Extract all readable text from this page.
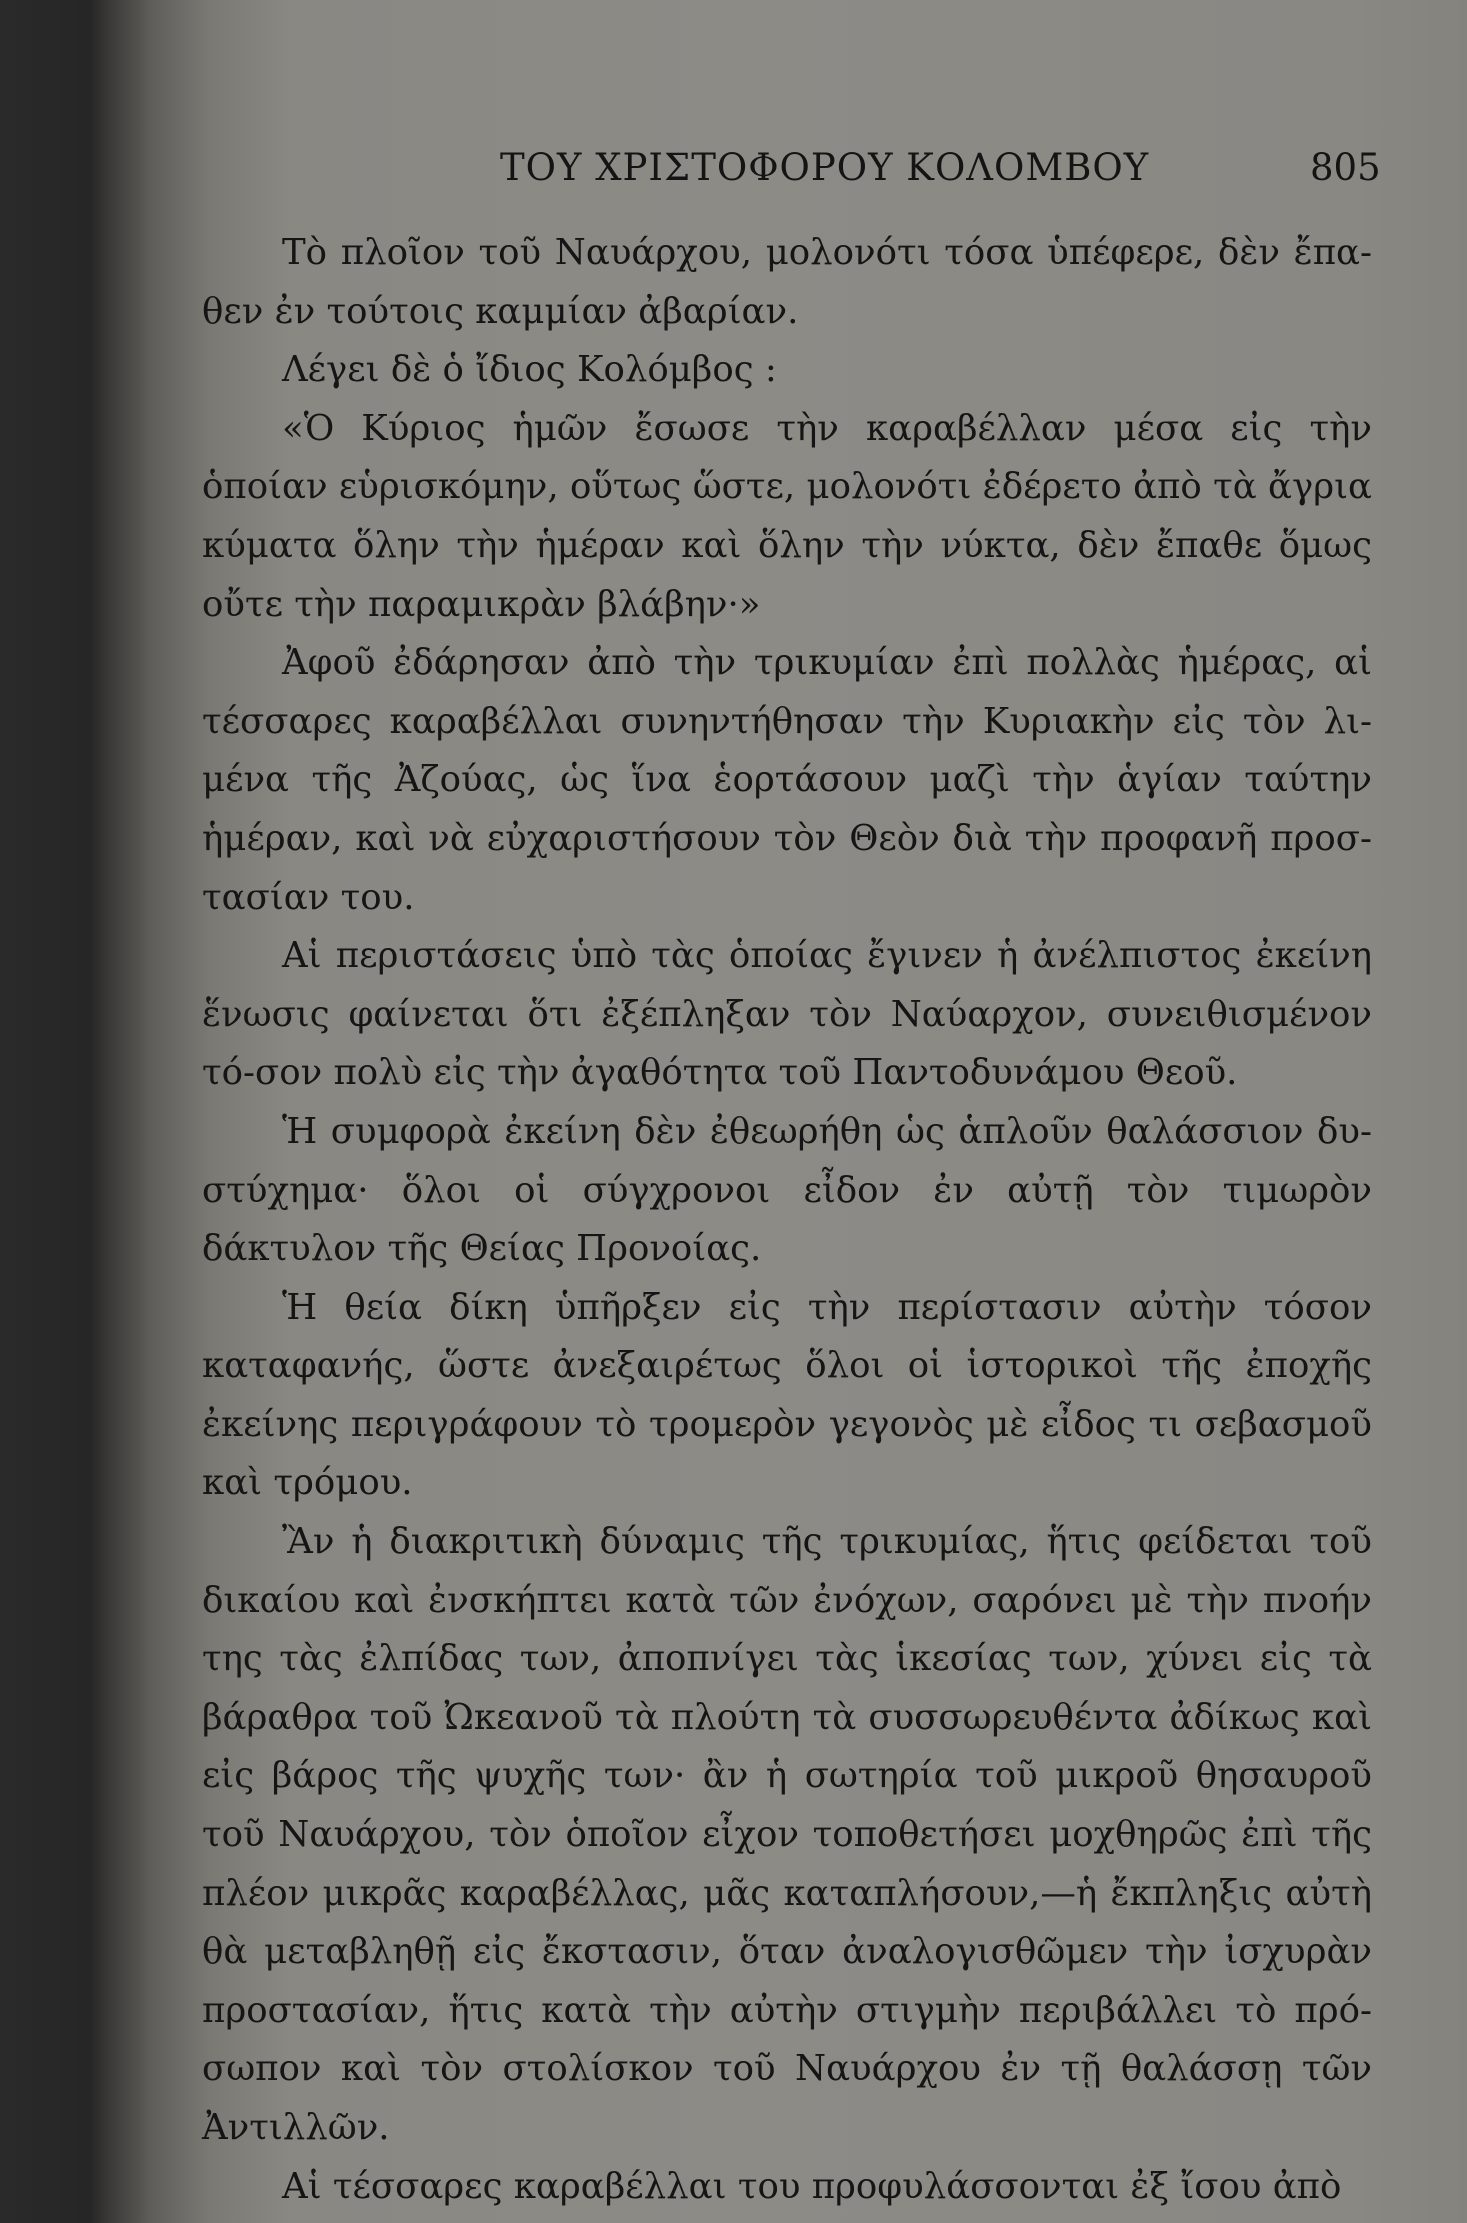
ΤΟΥ ΧΡΙΣΤΟΦΟΡΟΥ ΚΟΛΟΜΒΟΥ	805

Τὸ πλοῖον τοῦ Ναυάρχου, μολονότι τόσα ὑπέφερε, δὲν ἔπα-θεν ἐν τούτοις καμμίαν ἀβαρίαν.

Λέγει δὲ ὁ ἴδιος Κολόμβος :

«Ὁ Κύριος ἡμῶν ἔσωσε τὴν καραβέλλαν μέσα εἰς τὴν ὁποίαν εὑρισκόμην, οὕτως ὥστε, μολονότι ἐδέρετο ἀπὸ τὰ ἄγρια κύματα ὅλην τὴν ἡμέραν καὶ ὅλην τὴν νύκτα, δὲν ἔπαθε ὅμως οὔτε τὴν παραμικρὰν βλάβην·»

Ἀφοῦ ἐδάρησαν ἀπὸ τὴν τρικυμίαν ἐπὶ πολλὰς ἡμέρας, αἱ τέσσαρες καραβέλλαι συνηντήθησαν τὴν Κυριακὴν εἰς τὸν λι-μένα τῆς Ἀζούας, ὡς ἵνα ἑορτάσουν μαζὶ τὴν ἁγίαν ταύτην ἡμέραν, καὶ νὰ εὐχαριστήσουν τὸν Θεὸν διὰ τὴν προφανῆ προσ-τασίαν του.

Αἱ περιστάσεις ὑπὸ τὰς ὁποίας ἔγινεν ἡ ἀνέλπιστος ἐκείνη ἕνωσις φαίνεται ὅτι ἐξέπληξαν τὸν Ναύαρχον, συνειθισμένον τό-σον πολὺ εἰς τὴν ἀγαθότητα τοῦ Παντοδυνάμου Θεοῦ.

Ἡ συμφορὰ ἐκείνη δὲν ἐθεωρήθη ὡς ἁπλοῦν θαλάσσιον δυ-στύχημα· ὅλοι οἱ σύγχρονοι εἶδον ἐν αὐτῇ τὸν τιμωρὸν δάκτυλον τῆς Θείας Προνοίας.

Ἡ θεία δίκη ὑπῆρξεν εἰς τὴν περίστασιν αὐτὴν τόσον καταφανής, ὥστε ἀνεξαιρέτως ὅλοι οἱ ἱστορικοὶ τῆς ἐποχῆς ἐκείνης περιγράφουν τὸ τρομερὸν γεγονὸς μὲ εἶδος τι σεβασμοῦ καὶ τρόμου.

Ἂν ἡ διακριτικὴ δύναμις τῆς τρικυμίας, ἥτις φείδεται τοῦ δικαίου καὶ ἐνσκήπτει κατὰ τῶν ἐνόχων, σαρόνει μὲ τὴν πνοήν της τὰς ἐλπίδας των, ἀποπνίγει τὰς ἱκεσίας των, χύνει εἰς τὰ βάραθρα τοῦ Ὠκεανοῦ τὰ πλούτη τὰ συσσωρευθέντα ἀδίκως καὶ εἰς βάρος τῆς ψυχῆς των· ἂν ἡ σωτηρία τοῦ μικροῦ θησαυροῦ τοῦ Ναυάρχου, τὸν ὁποῖον εἶχον τοποθετήσει μοχθηρῶς ἐπὶ τῆς πλέον μικρᾶς καραβέλλας, μᾶς καταπλήσουν,—ἡ ἔκπληξις αὐτὴ θὰ μεταβληθῇ εἰς ἔκστασιν, ὅταν ἀναλογισθῶμεν τὴν ἰσχυρὰν προστασίαν, ἥτις κατὰ τὴν αὐτὴν στιγμὴν περιβάλλει τὸ πρό-σωπον καὶ τὸν στολίσκον τοῦ Ναυάρχου ἐν τῇ θαλάσσῃ τῶν Ἀντιλλῶν.

Αἱ τέσσαρες καραβέλλαι του προφυλάσσονται ἐξ ἴσου ἀπὸ
